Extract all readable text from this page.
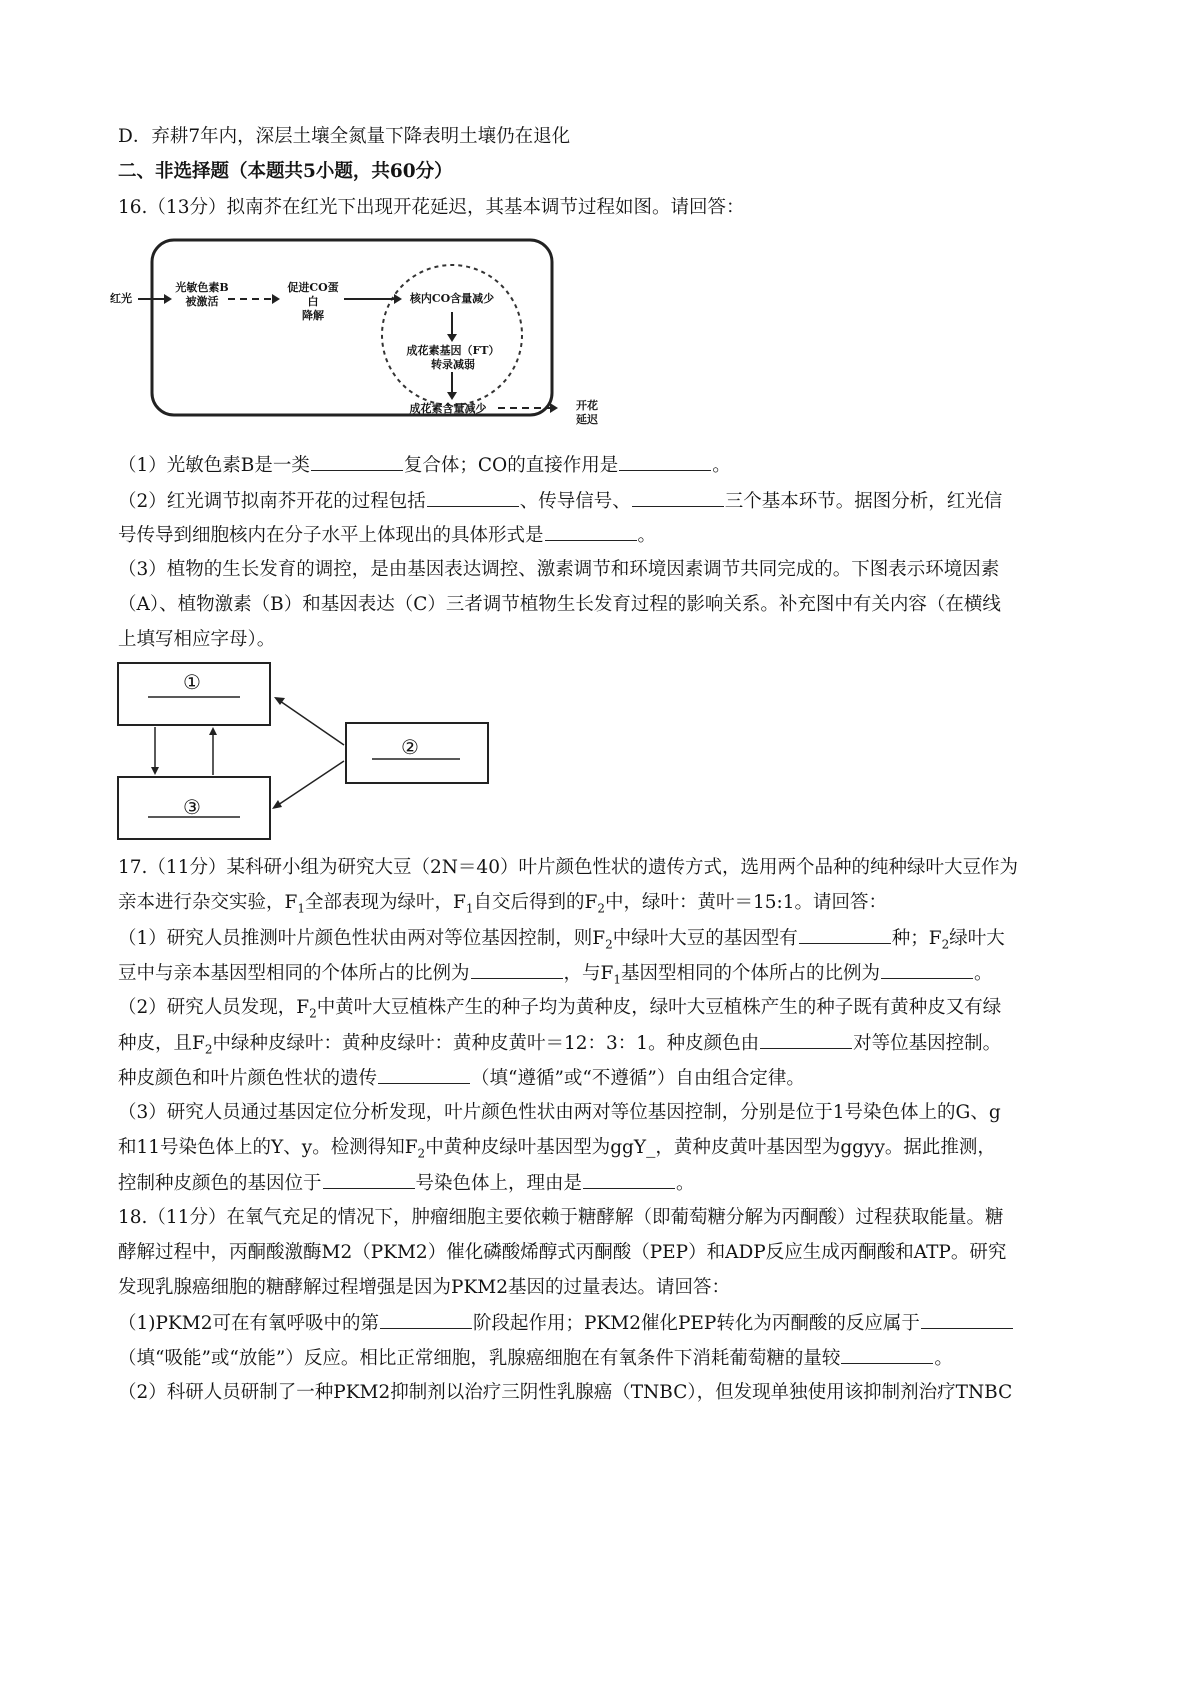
D．弃耕7年内，深层土壤全氮量下降表明土壤仍在退化
二、非选择题（本题共5小题，共60分）
16.（13分）拟南芥在红光下出现开花延迟，其基本调节过程如图。请回答：
红光
光敏色素B
被激活
促进CO蛋白
降解
核内CO含量减少
成花素基因（FT）
转录减弱
成花素含量减少	开花
延迟
（1）光敏色素B是一类	复合体；CO的直接作用是	。
（2）红光调节拟南芥开花的过程包括	、传导信号、	三个基本环节。据图分析，红光信
号传导到细胞核内在分子水平上体现出的具体形式是	。
（3）植物的生长发育的调控，是由基因表达调控、激素调节和环境因素调节共同完成的。下图表示环境因素
（A）、植物激素（B）和基因表达（C）三者调节植物生长发育过程的影响关系。补充图中有关内容（在横线
上填写相应字母）。
①
②
③
17.（11分）某科研小组为研究大豆（2N＝40）叶片颜色性状的遗传方式，选用两个品种的纯种绿叶大豆作为
亲本进行杂交实验，$F_1$全部表现为绿叶，$F_1$自交后得到的$F_2$中，绿叶：黄叶＝15:1。请回答：
（1）研究人员推测叶片颜色性状由两对等位基因控制，则$F_2$中绿叶大豆的基因型有	种；$F_2$绿叶大
豆中与亲本基因型相同的个体所占的比例为	，与$F_1$基因型相同的个体所占的比例为	。
（2）研究人员发现，$F_2$中黄叶大豆植株产生的种子均为黄种皮，绿叶大豆植株产生的种子既有黄种皮又有绿
种皮，且$F_2$中绿种皮绿叶：黄种皮绿叶：黄种皮黄叶＝12：3：1。种皮颜色由	对等位基因控制。
种皮颜色和叶片颜色性状的遗传	（填“遵循”或“不遵循”）自由组合定律。
（3）研究人员通过基因定位分析发现，叶片颜色性状由两对等位基因控制，分别是位于1号染色体上的G、g
和11号染色体上的Y、y。检测得知$F_2$中黄种皮绿叶基因型为ggY_，黄种皮黄叶基因型为ggyy。据此推测，
控制种皮颜色的基因位于	号染色体上，理由是	。
18.（11分）在氧气充足的情况下，肿瘤细胞主要依赖于糖酵解（即葡萄糖分解为丙酮酸）过程获取能量。糖
酵解过程中，丙酮酸激酶M2（PKM2）催化磷酸烯醇式丙酮酸（PEP）和ADP反应生成丙酮酸和ATP。研究
发现乳腺癌细胞的糖酵解过程增强是因为PKM2基因的过量表达。请回答：
（1)PKM2可在有氧呼吸中的第	阶段起作用；PKM2催化PEP转化为丙酮酸的反应属于
（填“吸能”或“放能”）反应。相比正常细胞，乳腺癌细胞在有氧条件下消耗葡萄糖的量较	。
（2）科研人员研制了一种PKM2抑制剂以治疗三阴性乳腺癌（TNBC），但发现单独使用该抑制剂治疗TNBC
